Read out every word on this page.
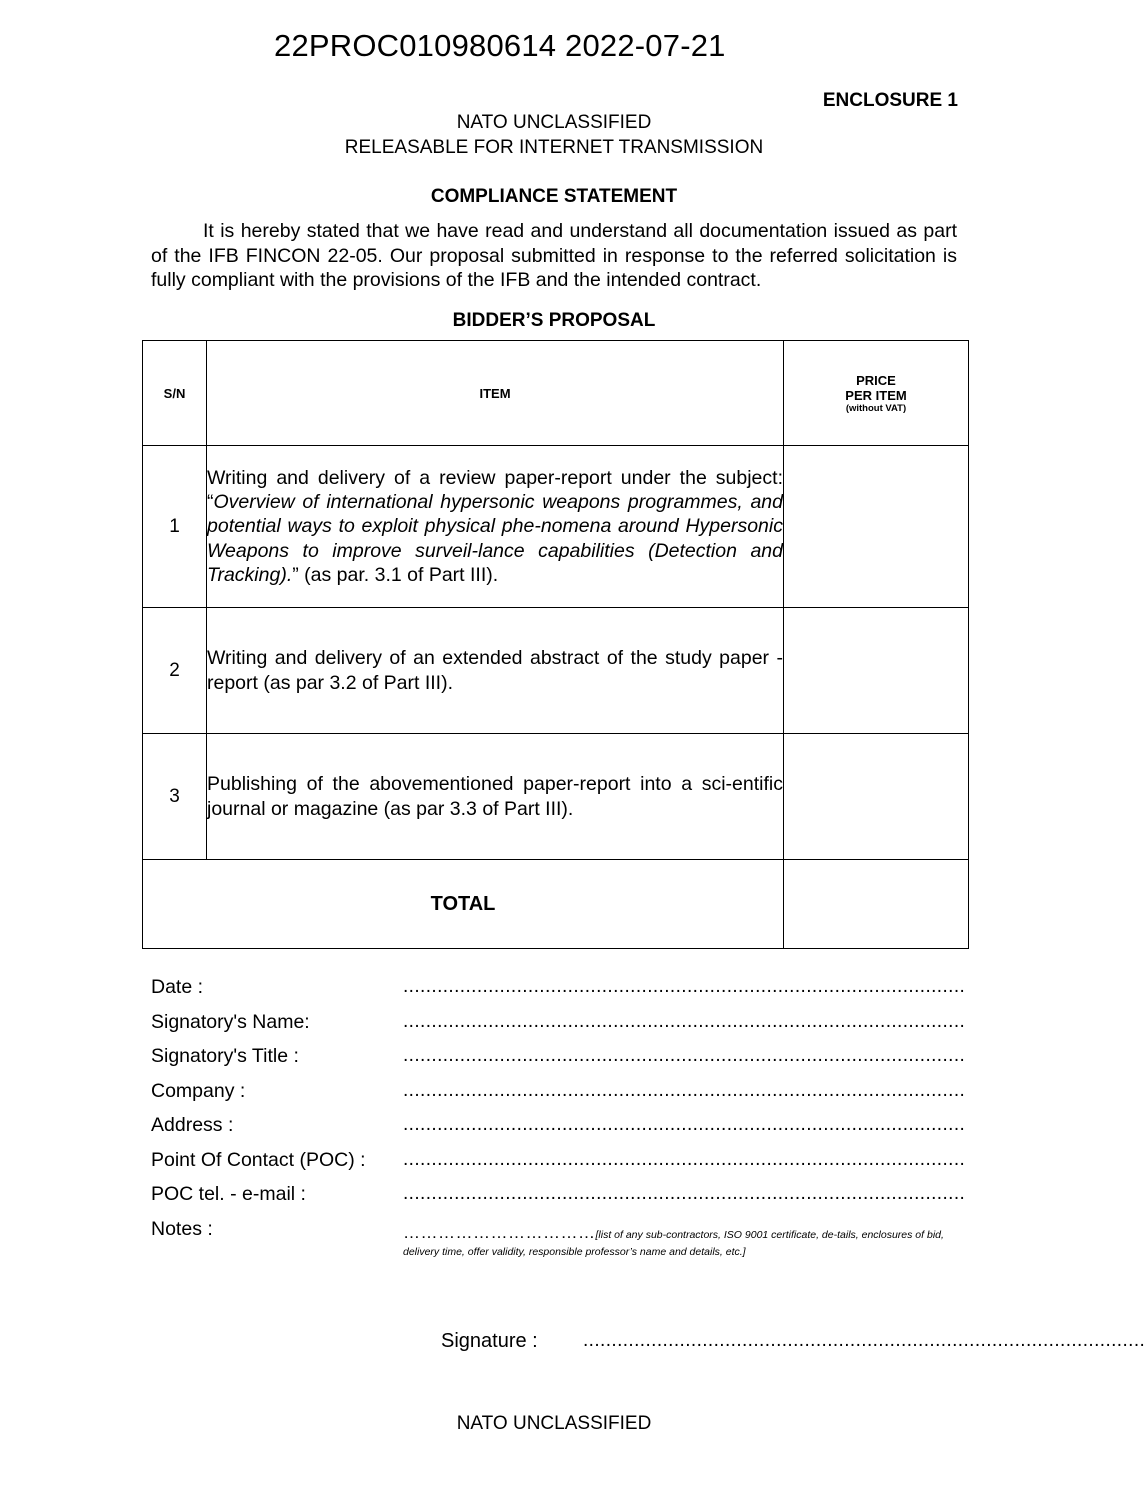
22PROC010980614 2022-07-21
ENCLOSURE 1
NATO UNCLASSIFIED
RELEASABLE FOR INTERNET TRANSMISSION
COMPLIANCE STATEMENT
It is hereby stated that we have read and understand all documentation issued as part of the IFB FINCON 22-05. Our proposal submitted in response to the referred solicitation is fully compliant with the provisions of the IFB and the intended contract.
BIDDER’S PROPOSAL
S/N	ITEM	PRICE
PER ITEM
(without VAT)

1	Writing and delivery of a review paper-report under the subject: “Overview of international hypersonic weapons programmes, and potential ways to exploit physical phe-nomena around Hypersonic Weapons to improve surveil-lance capabilities (Detection and Tracking).” (as par. 3.1 of Part III).	
2	Writing and delivery of an extended abstract of the study paper - report (as par 3.2 of Part III).	
3	Publishing of the abovementioned paper-report into a sci-entific journal or magazine (as par 3.3 of Part III).	
TOTAL		
Date :	...................................................................................................
Signatory's Name:	...................................................................................................
Signatory's Title :	...................................................................................................
Company :	...................................................................................................
Address :	...................................................................................................
Point Of Contact (POC) : ...................................................................................................
POC tel. - e-mail :	...................................................................................................
Notes :	……………………………[list of any sub-contractors, ISO 9001 certificate, de-tails, enclosures of bid, delivery time, offer validity, responsible professor’s name and details, etc.]
Signature : ...................................................................................................
NATO UNCLASSIFIED
